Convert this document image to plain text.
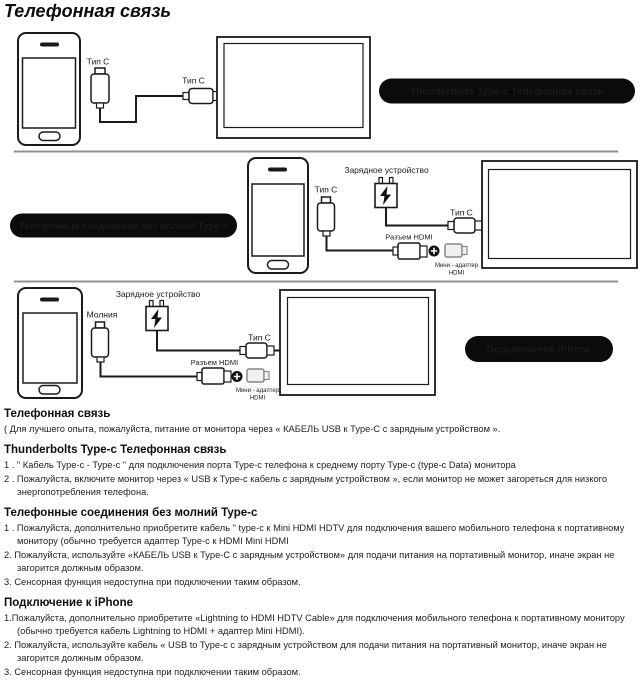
Телефонная связь
Тип C
Тип C
Thunderbolts Type-c Телефонная связь
Телефонные соединения без молний Type-c
Тип C
Зарядное устройство
Тип C
Разъем HDMI
Мини - адаптер
HDMI
Молния
Зарядное устройство
Тип C
Разъем HDMI
Мини - адаптер
HDMI
Подключение iPhone
Телефонная связь
( Для лучшего опыта, пожалуйста, питание от монитора через « КАБЕЛЬ USB к Type-C с зарядным устройством ».
Thunderbolts Type-c Телефонная связь
1 . " Кабель Type-c - Type-c " для подключения порта Type-c телефона к среднему порту Type-c (type-c Data) монитора
2 . Пожалуйста, включите монитор через « USB к Type-c кабель с зарядным устройством », если монитор не может загореться для низкого энергопотребления телефона.
Телефонные соединения без молний Type-c
1 . Пожалуйста, дополнительно приобретите кабель " type-c к Mini HDMI HDTV для подключения вашего мобильного телефона к портативному монитору (обычно требуется адаптер Type-c к HDMI Mini HDMI
2. Пожалуйста, используйте «КАБЕЛЬ USB к Type-C с зарядным устройством» для подачи питания на портативный монитор, иначе экран не загорится должным образом.
3. Сенсорная функция недоступна при подключении таким образом.
Подключение к iPhone
1.Пожалуйста, дополнительно приобретите «Lightning to HDMI HDTV Cable» для подключения мобильного телефона к портативному монитору (обычно требуется кабель Lightning to HDMI + адаптер Mini HDMI).
2. Пожалуйста, используйте кабель « USB to Type-c с зарядным устройством для подачи питания на портативный монитор, иначе экран не загорится должным образом.
3. Сенсорная функция недоступна при подключении таким образом.
